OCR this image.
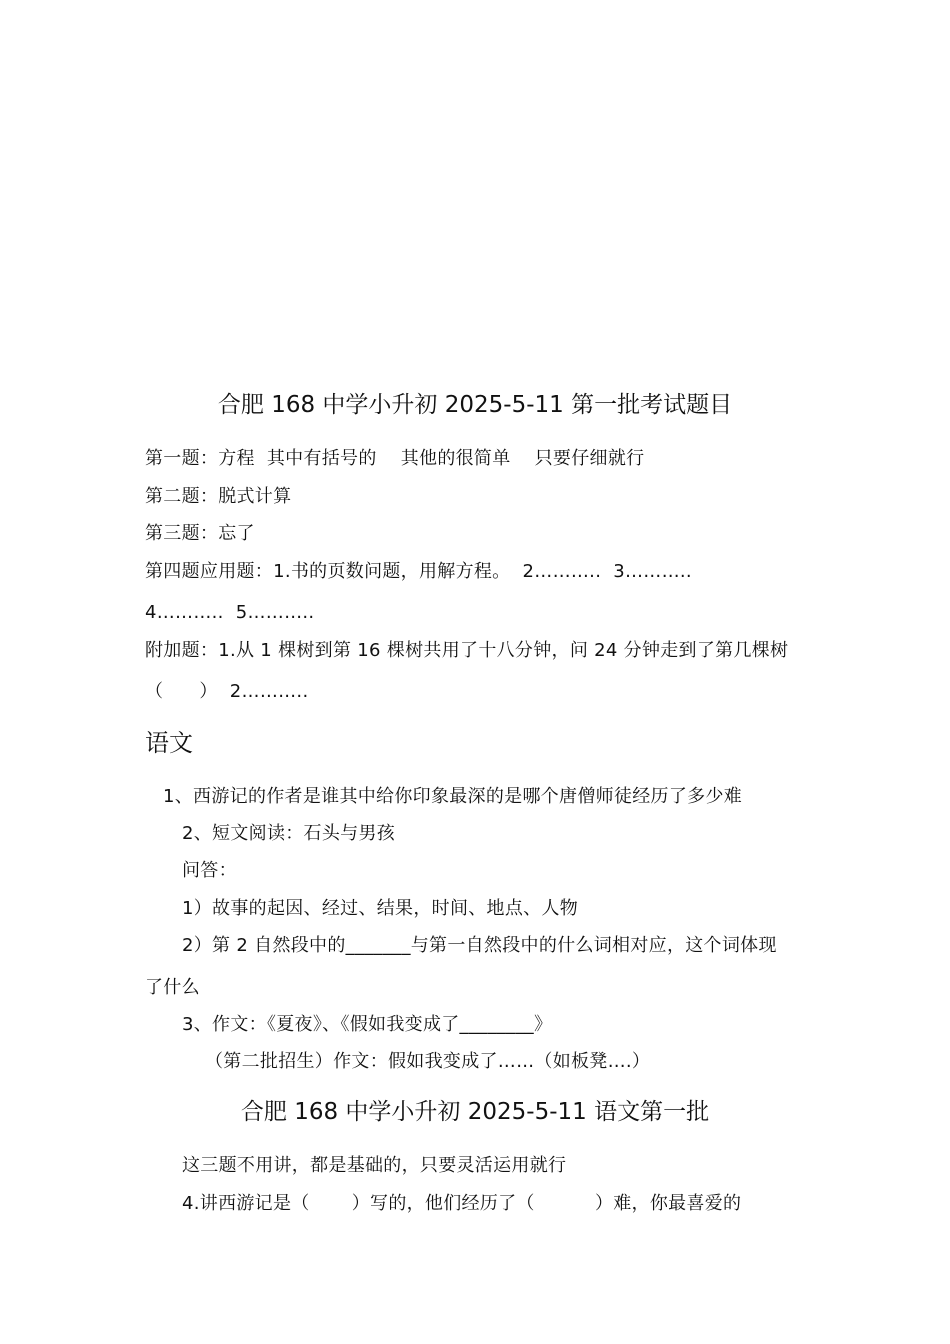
合肥 168 中学小升初 2025-5-11 第一批考试题目
第一题：方程  其中有括号的    其他的很简单    只要仔细就行
第二题：脱式计算
第三题：忘了
第四题应用题：1.书的页数问题，用解方程。  2………..  3………..
4………..  5………..
附加题：1.从 1 棵树到第 16 棵树共用了十八分钟，问 24 分钟走到了第几棵树
（      ）  2………..
语文
1、西游记的作者是谁其中给你印象最深的是哪个唐僧师徒经历了多少难
2、短文阅读：石头与男孩
问答：
1）故事的起因、经过、结果，时间、地点、人物
2）第 2 自然段中的_______与第一自然段中的什么词相对应，这个词体现
了什么
3、作文：《夏夜》、《假如我变成了________》
（第二批招生）作文：假如我变成了……（如板凳….）
合肥 168 中学小升初 2025-5-11 语文第一批
这三题不用讲，都是基础的，只要灵活运用就行
4.讲西游记是（       ）写的，他们经历了（          ）难，你最喜爱的
